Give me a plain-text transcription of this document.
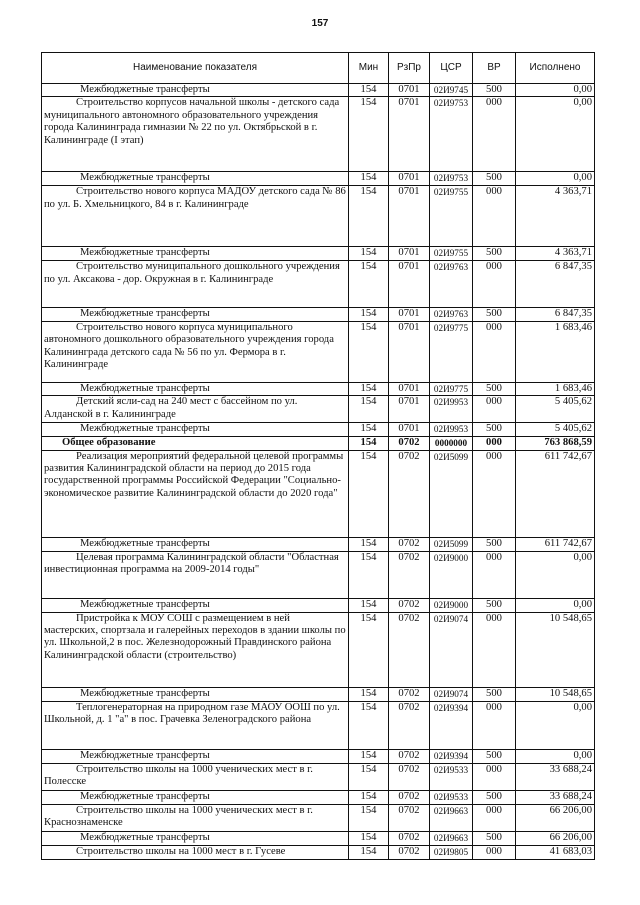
157
Наименование показателя	Мин	РзПр	ЦСР	ВР	Исполнено
Межбюджетные трансферты	154	0701	02И9745	500	0,00
Строительство корпусов начальной школы - детского сада муниципального автономного образовательного учреждения города Калининграда гимназии № 22 по ул. Октябрьской в г. Калининграде (I этап)	154	0701	02И9753	000	0,00
Межбюджетные трансферты	154	0701	02И9753	500	0,00
Строительство нового корпуса МАДОУ детского сада № 86 по ул. Б. Хмельницкого, 84 в г. Калининграде	154	0701	02И9755	000	4 363,71
Межбюджетные трансферты	154	0701	02И9755	500	4 363,71
Строительство муниципального дошкольного учреждения по ул. Аксакова - дор. Окружная в г. Калининграде	154	0701	02И9763	000	6 847,35
Межбюджетные трансферты	154	0701	02И9763	500	6 847,35
Строительство нового корпуса муниципального автономного дошкольного образовательного учреждения города Калининграда детского сада № 56 по ул. Фермора в г. Калининграде	154	0701	02И9775	000	1 683,46
Межбюджетные трансферты	154	0701	02И9775	500	1 683,46
Детский ясли-сад на 240 мест с бассейном по ул. Алданской в г. Калининграде	154	0701	02И9953	000	5 405,62
Межбюджетные трансферты	154	0701	02И9953	500	5 405,62
Общее образование	154	0702	0000000	000	763 868,59
Реализация мероприятий федеральной целевой программы развития Калининградской области на период до 2015 года государственной программы Российской Федерации "Социально-экономическое развитие Калининградской области до 2020 года"	154	0702	02И5099	000	611 742,67
Межбюджетные трансферты	154	0702	02И5099	500	611 742,67
Целевая программа Калининградской области "Областная инвестиционная программа на 2009-2014 годы"	154	0702	02И9000	000	0,00
Межбюджетные трансферты	154	0702	02И9000	500	0,00
Пристройка к МОУ СОШ с размещением в ней мастерских, спортзала и галерейных переходов в здании школы по ул. Школьной,2 в пос. Железнодорожный Правдинского района Калининградской области (строительство)	154	0702	02И9074	000	10 548,65
Межбюджетные трансферты	154	0702	02И9074	500	10 548,65
Теплогенераторная на природном газе МАОУ ООШ по ул. Школьной, д. 1 "а" в пос. Грачевка Зеленоградского района	154	0702	02И9394	000	0,00
Межбюджетные трансферты	154	0702	02И9394	500	0,00
Строительство школы на 1000 ученических мест в г. Полесске	154	0702	02И9533	000	33 688,24
Межбюджетные трансферты	154	0702	02И9533	500	33 688,24
Строительство школы на 1000 ученических мест в г. Краснознаменске	154	0702	02И9663	000	66 206,00
Межбюджетные трансферты	154	0702	02И9663	500	66 206,00
Строительство школы на 1000 мест в г. Гусеве	154	0702	02И9805	000	41 683,03
